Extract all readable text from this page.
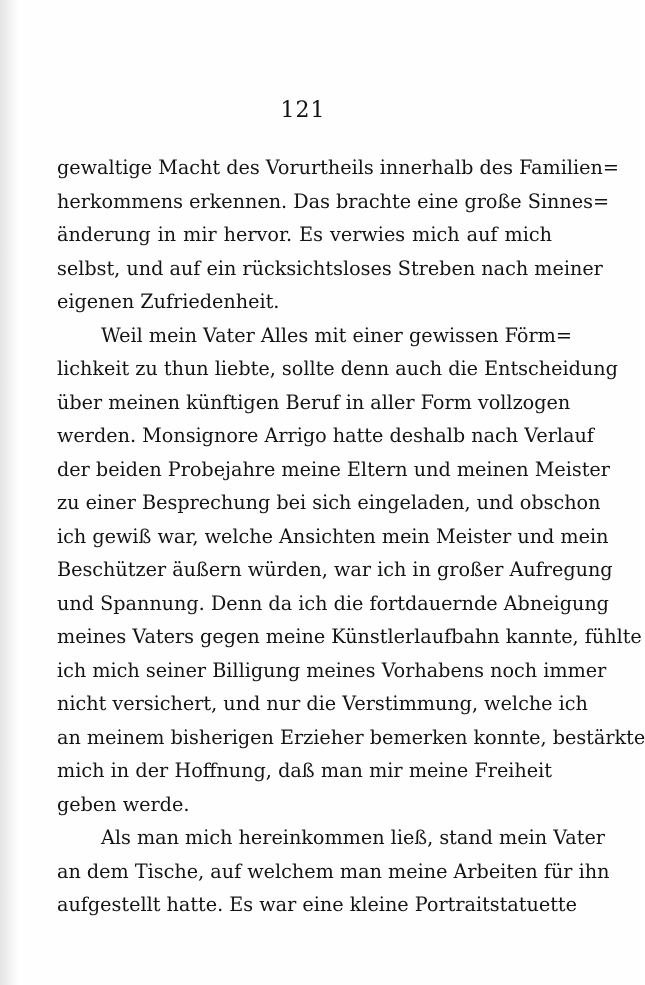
121
gewaltige Macht des Vorurtheils innerhalb des Familien=
herkommens erkennen. Das brachte eine große Sinnes=
änderung in mir hervor. Es verwies mich auf mich
selbst, und auf ein rücksichtsloses Streben nach meiner
eigenen Zufriedenheit.
Weil mein Vater Alles mit einer gewissen Förm=
lichkeit zu thun liebte, sollte denn auch die Entscheidung
über meinen künftigen Beruf in aller Form vollzogen
werden. Monsignore Arrigo hatte deshalb nach Verlauf
der beiden Probejahre meine Eltern und meinen Meister
zu einer Besprechung bei sich eingeladen, und obschon
ich gewiß war, welche Ansichten mein Meister und mein
Beschützer äußern würden, war ich in großer Aufregung
und Spannung. Denn da ich die fortdauernde Abneigung
meines Vaters gegen meine Künstlerlaufbahn kannte, fühlte
ich mich seiner Billigung meines Vorhabens noch immer
nicht versichert, und nur die Verstimmung, welche ich
an meinem bisherigen Erzieher bemerken konnte, bestärkte
mich in der Hoffnung, daß man mir meine Freiheit
geben werde.
Als man mich hereinkommen ließ, stand mein Vater
an dem Tische, auf welchem man meine Arbeiten für ihn
aufgestellt hatte. Es war eine kleine Portraitstatuette
